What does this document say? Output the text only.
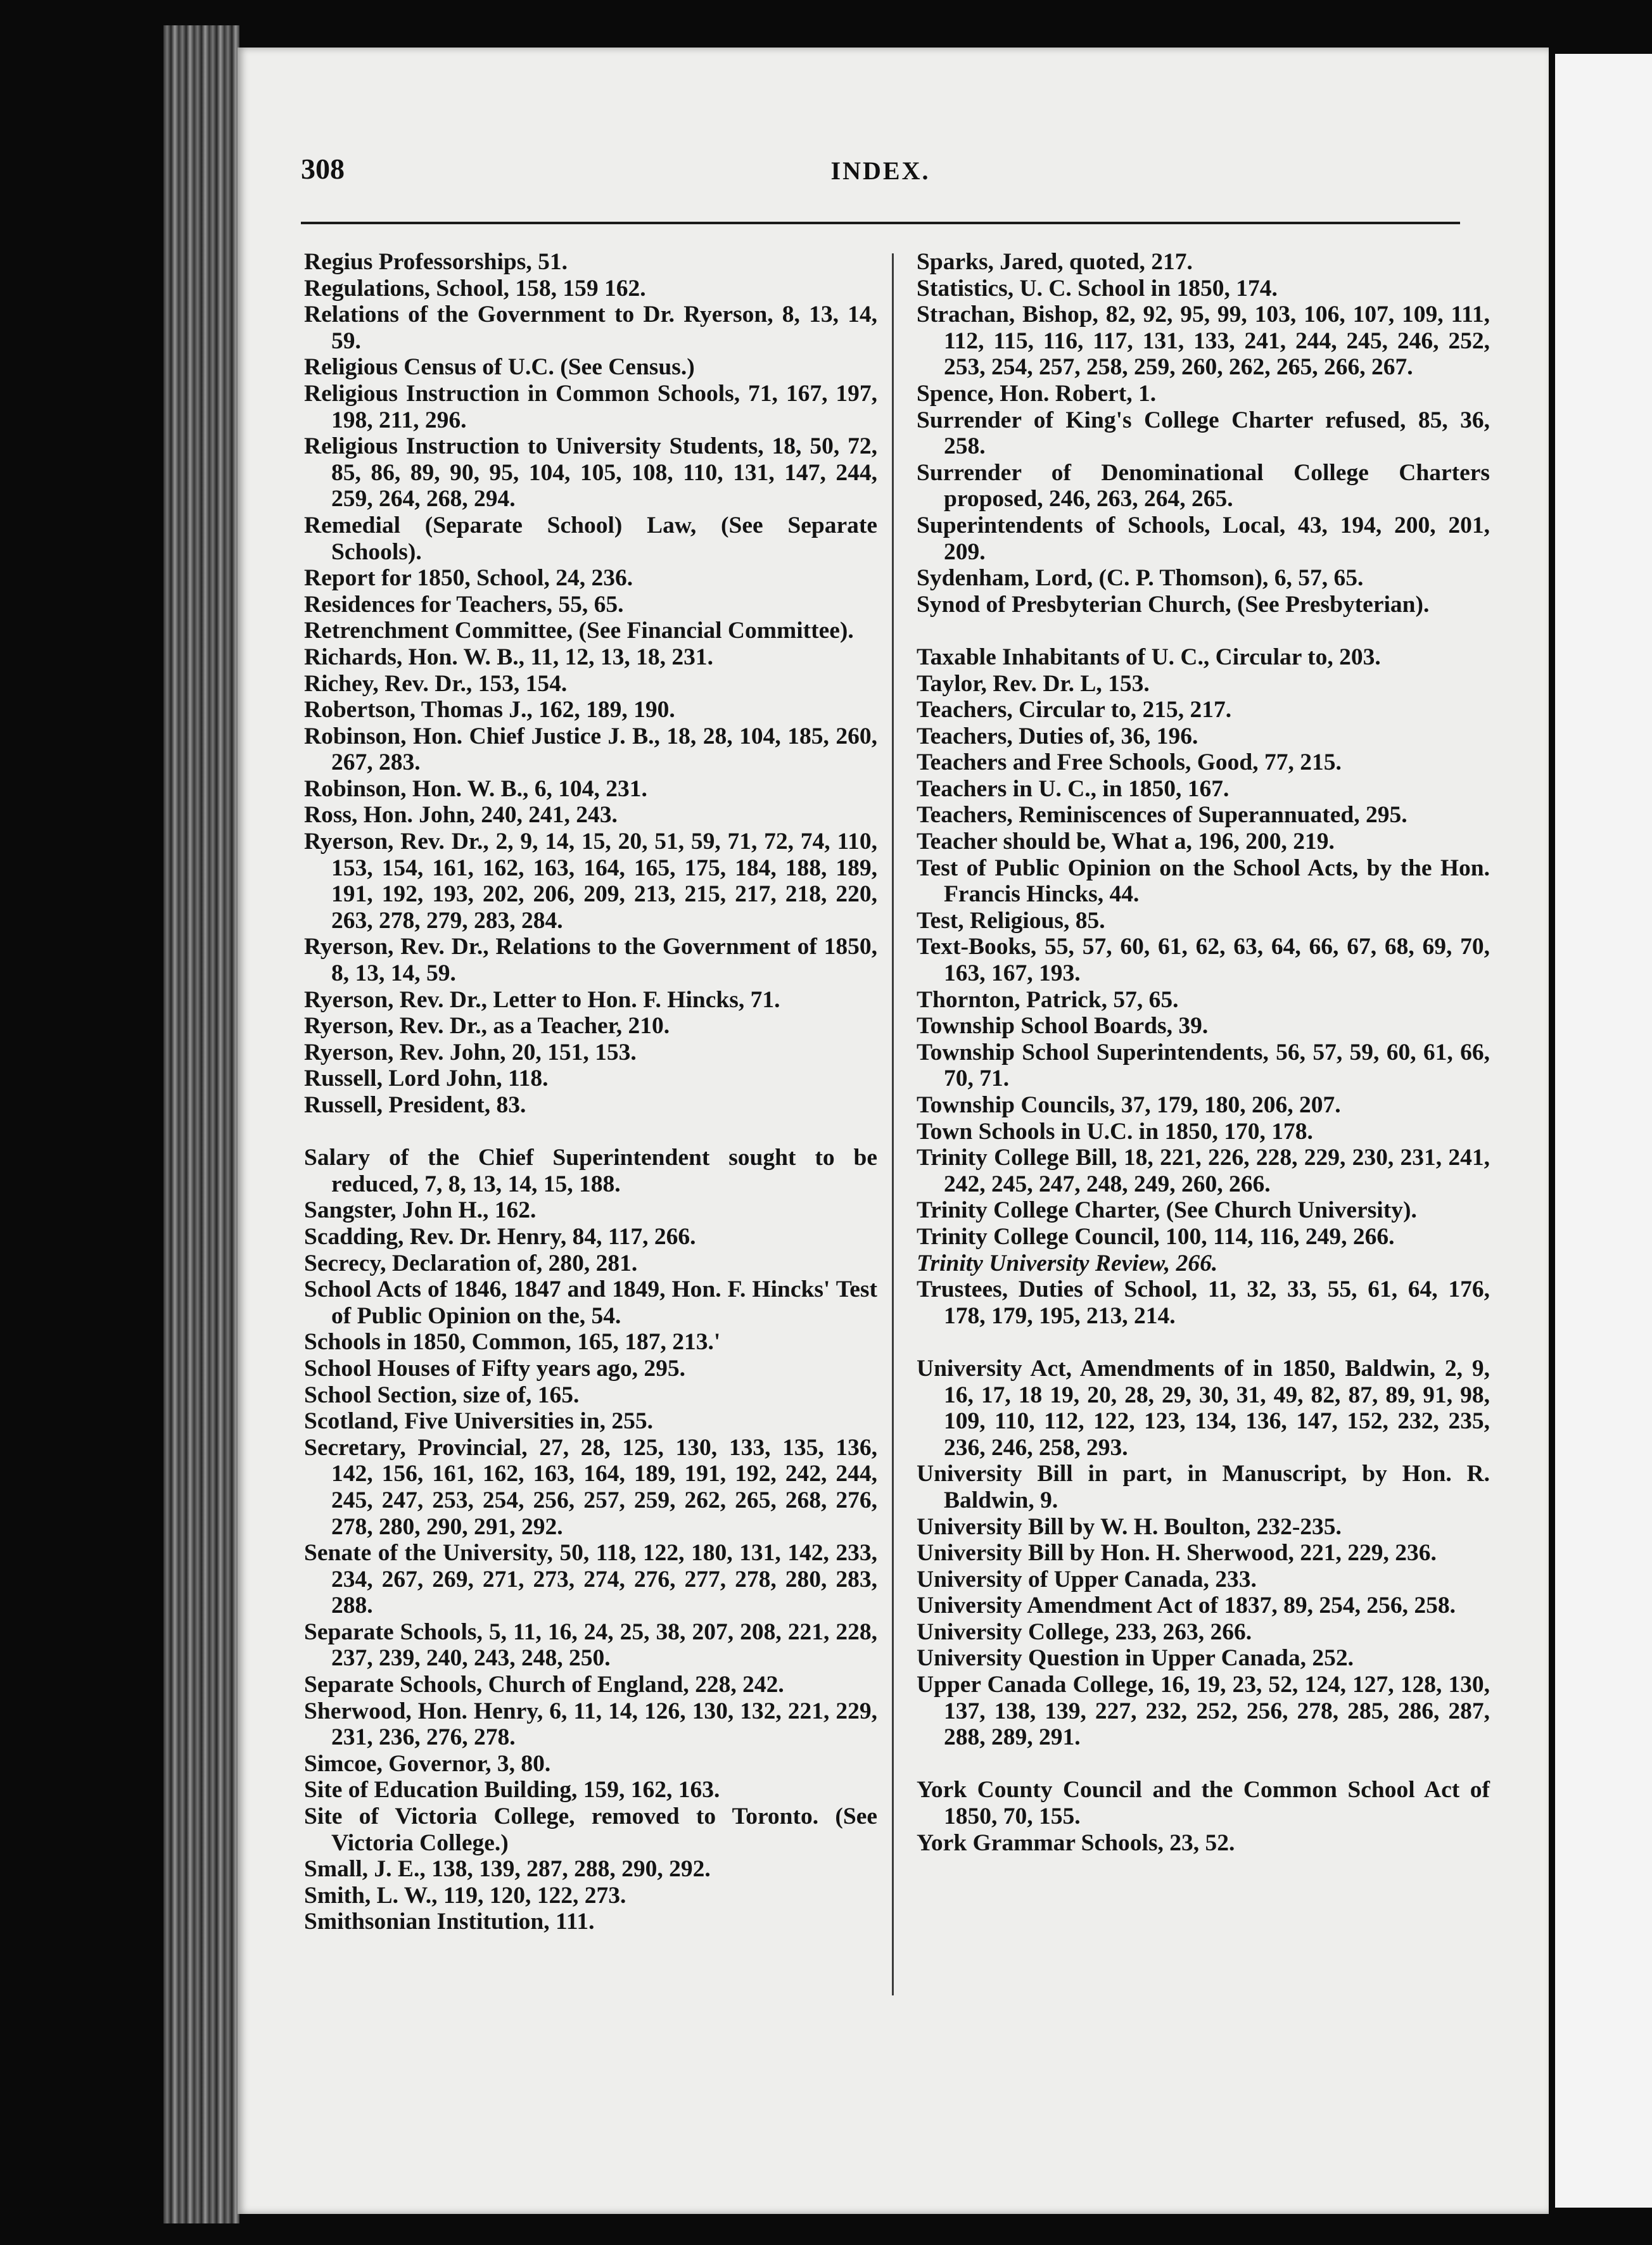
308	INDEX.
Regius Professorships, 51.
Regulations, School, 158, 159 162.
Relations of the Government to Dr. Ryerson, 8, 13, 14, 59.
Religious Census of U.C. (See Census.)
Religious Instruction in Common Schools, 71, 167, 197, 198, 211, 296.
Religious Instruction to University Students, 18, 50, 72, 85, 86, 89, 90, 95, 104, 105, 108, 110, 131, 147, 244, 259, 264, 268, 294.
Remedial (Separate School) Law, (See Separate Schools).
Report for 1850, School, 24, 236.
Residences for Teachers, 55, 65.
Retrenchment Committee, (See Financial Committee).
Richards, Hon. W. B., 11, 12, 13, 18, 231.
Richey, Rev. Dr., 153, 154.
Robertson, Thomas J., 162, 189, 190.
Robinson, Hon. Chief Justice J. B., 18, 28, 104, 185, 260, 267, 283.
Robinson, Hon. W. B., 6, 104, 231.
Ross, Hon. John, 240, 241, 243.
Ryerson, Rev. Dr., 2, 9, 14, 15, 20, 51, 59, 71, 72, 74, 110, 153, 154, 161, 162, 163, 164, 165, 175, 184, 188, 189, 191, 192, 193, 202, 206, 209, 213, 215, 217, 218, 220, 263, 278, 279, 283, 284.
Ryerson, Rev. Dr., Relations to the Government of 1850, 8, 13, 14, 59.
Ryerson, Rev. Dr., Letter to Hon. F. Hincks, 71.
Ryerson, Rev. Dr., as a Teacher, 210.
Ryerson, Rev. John, 20, 151, 153.
Russell, Lord John, 118.
Russell, President, 83.
Salary of the Chief Superintendent sought to be reduced, 7, 8, 13, 14, 15, 188.
Sangster, John H., 162.
Scadding, Rev. Dr. Henry, 84, 117, 266.
Secrecy, Declaration of, 280, 281.
School Acts of 1846, 1847 and 1849, Hon. F. Hincks' Test of Public Opinion on the, 54.
Schools in 1850, Common, 165, 187, 213.'
School Houses of Fifty years ago, 295.
School Section, size of, 165.
Scotland, Five Universities in, 255.
Secretary, Provincial, 27, 28, 125, 130, 133, 135, 136, 142, 156, 161, 162, 163, 164, 189, 191, 192, 242, 244, 245, 247, 253, 254, 256, 257, 259, 262, 265, 268, 276, 278, 280, 290, 291, 292.
Senate of the University, 50, 118, 122, 180, 131, 142, 233, 234, 267, 269, 271, 273, 274, 276, 277, 278, 280, 283, 288.
Separate Schools, 5, 11, 16, 24, 25, 38, 207, 208, 221, 228, 237, 239, 240, 243, 248, 250.
Separate Schools, Church of England, 228, 242.
Sherwood, Hon. Henry, 6, 11, 14, 126, 130, 132, 221, 229, 231, 236, 276, 278.
Simcoe, Governor, 3, 80.
Site of Education Building, 159, 162, 163.
Site of Victoria College, removed to Toronto. (See Victoria College.)
Small, J. E., 138, 139, 287, 288, 290, 292.
Smith, L. W., 119, 120, 122, 273.
Smithsonian Institution, 111.
Sparks, Jared, quoted, 217.
Statistics, U. C. School in 1850, 174.
Strachan, Bishop, 82, 92, 95, 99, 103, 106, 107, 109, 111, 112, 115, 116, 117, 131, 133, 241, 244, 245, 246, 252, 253, 254, 257, 258, 259, 260, 262, 265, 266, 267.
Spence, Hon. Robert, 1.
Surrender of King's College Charter refused, 85, 36, 258.
Surrender of Denominational College Charters proposed, 246, 263, 264, 265.
Superintendents of Schools, Local, 43, 194, 200, 201, 209.
Sydenham, Lord, (C. P. Thomson), 6, 57, 65.
Synod of Presbyterian Church, (See Presbyterian).
Taxable Inhabitants of U. C., Circular to, 203.
Taylor, Rev. Dr. L, 153.
Teachers, Circular to, 215, 217.
Teachers, Duties of, 36, 196.
Teachers and Free Schools, Good, 77, 215.
Teachers in U. C., in 1850, 167.
Teachers, Reminiscences of Superannuated, 295.
Teacher should be, What a, 196, 200, 219.
Test of Public Opinion on the School Acts, by the Hon. Francis Hincks, 44.
Test, Religious, 85.
Text-Books, 55, 57, 60, 61, 62, 63, 64, 66, 67, 68, 69, 70, 163, 167, 193.
Thornton, Patrick, 57, 65.
Township School Boards, 39.
Township School Superintendents, 56, 57, 59, 60, 61, 66, 70, 71.
Township Councils, 37, 179, 180, 206, 207.
Town Schools in U.C. in 1850, 170, 178.
Trinity College Bill, 18, 221, 226, 228, 229, 230, 231, 241, 242, 245, 247, 248, 249, 260, 266.
Trinity College Charter, (See Church University).
Trinity College Council, 100, 114, 116, 249, 266.
Trinity University Review, 266.
Trustees, Duties of School, 11, 32, 33, 55, 61, 64, 176, 178, 179, 195, 213, 214.
University Act, Amendments of in 1850, Baldwin, 2, 9, 16, 17, 18 19, 20, 28, 29, 30, 31, 49, 82, 87, 89, 91, 98, 109, 110, 112, 122, 123, 134, 136, 147, 152, 232, 235, 236, 246, 258, 293.
University Bill in part, in Manuscript, by Hon. R. Baldwin, 9.
University Bill by W. H. Boulton, 232-235.
University Bill by Hon. H. Sherwood, 221, 229, 236.
University of Upper Canada, 233.
University Amendment Act of 1837, 89, 254, 256, 258.
University College, 233, 263, 266.
University Question in Upper Canada, 252.
Upper Canada College, 16, 19, 23, 52, 124, 127, 128, 130, 137, 138, 139, 227, 232, 252, 256, 278, 285, 286, 287, 288, 289, 291.
York County Council and the Common School Act of 1850, 70, 155.
York Grammar Schools, 23, 52.
